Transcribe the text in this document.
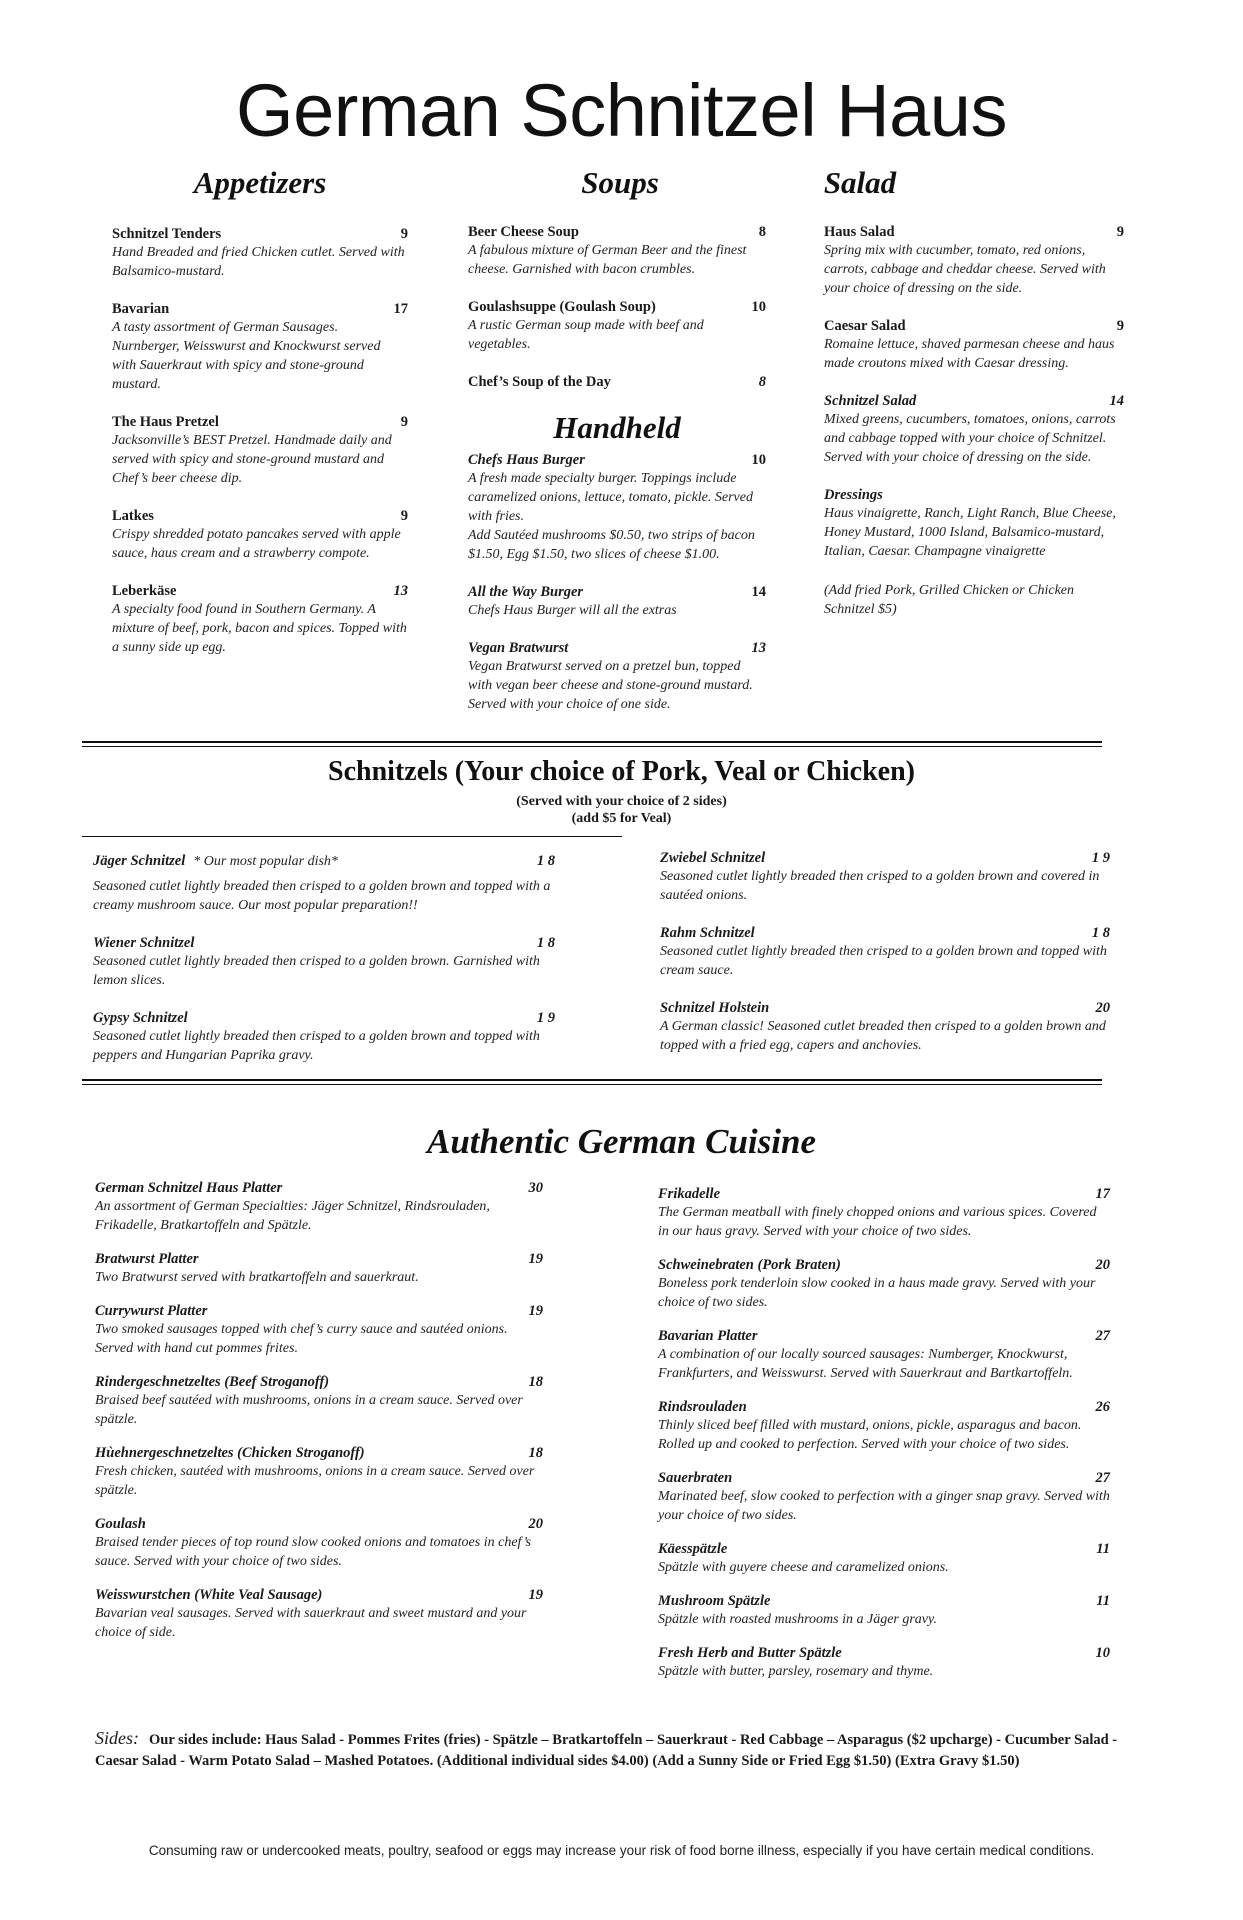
German Schnitzel Haus
Appetizers	Soups	Salad
Schnitzel Tenders	9
Hand Breaded and fried Chicken cutlet. Served with Balsamico-mustard.
Bavarian	17
A tasty assortment of German Sausages. Nurnberger, Weisswurst and Knockwurst served with Sauerkraut with spicy and stone-ground mustard.
The Haus Pretzel	9
Jacksonville’s BEST Pretzel. Handmade daily and served with spicy and stone-ground mustard and Chef’s beer cheese dip.
Latkes	9
Crispy shredded potato pancakes served with apple sauce, haus cream and a strawberry compote.
Leberkäse	13
A specialty food found in Southern Germany. A mixture of beef, pork, bacon and spices. Topped with a sunny side up egg.
Beer Cheese Soup	8
A fabulous mixture of German Beer and the finest cheese. Garnished with bacon crumbles.
Goulashsuppe (Goulash Soup)	10
A rustic German soup made with beef and vegetables.
Chef’s Soup of the Day	8
Handheld
Chefs Haus Burger	10
A fresh made specialty burger. Toppings include caramelized onions, lettuce, tomato, pickle. Served with fries.
Add Sautéed mushrooms $0.50, two strips of bacon $1.50, Egg $1.50, two slices of cheese $1.00.
All the Way Burger	14
Chefs Haus Burger will all the extras
Vegan Bratwurst	13
Vegan Bratwurst served on a pretzel bun, topped with vegan beer cheese and stone-ground mustard. Served with your choice of one side.
Haus Salad	9
Spring mix with cucumber, tomato, red onions, carrots, cabbage and cheddar cheese. Served with your choice of dressing on the side.
Caesar Salad	9
Romaine lettuce, shaved parmesan cheese and haus made croutons mixed with Caesar dressing.
Schnitzel Salad	14
Mixed greens, cucumbers, tomatoes, onions, carrots and cabbage topped with your choice of Schnitzel. Served with your choice of dressing on the side.
Dressings
Haus vinaigrette, Ranch, Light Ranch, Blue Cheese, Honey Mustard, 1000 Island, Balsamico-mustard, Italian, Caesar. Champagne vinaigrette
(Add fried Pork, Grilled Chicken or Chicken Schnitzel $5)
Schnitzels (Your choice of Pork, Veal or Chicken)
(Served with your choice of 2 sides)
(add $5 for Veal)
Jäger Schnitzel * Our most popular dish*	1 8
Seasoned cutlet lightly breaded then crisped to a golden brown and topped with a creamy mushroom sauce. Our most popular preparation!!
Wiener Schnitzel	1 8
Seasoned cutlet lightly breaded then crisped to a golden brown. Garnished with lemon slices.
Gypsy Schnitzel	1 9
Seasoned cutlet lightly breaded then crisped to a golden brown and topped with peppers and Hungarian Paprika gravy.
Zwiebel Schnitzel	1 9
Seasoned cutlet lightly breaded then crisped to a golden brown and covered in sautéed onions.
Rahm Schnitzel	1 8
Seasoned cutlet lightly breaded then crisped to a golden brown and topped with cream sauce.
Schnitzel Holstein	20
A German classic! Seasoned cutlet breaded then crisped to a golden brown and topped with a fried egg, capers and anchovies.
Authentic German Cuisine
German Schnitzel Haus Platter	30
An assortment of German Specialties: Jäger Schnitzel, Rindsrouladen, Frikadelle, Bratkartoffeln and Spätzle.
Bratwurst Platter	19
Two Bratwurst served with bratkartoffeln and sauerkraut.
Currywurst Platter	19
Two smoked sausages topped with chef’s curry sauce and sautéed onions. Served with hand cut pommes frites.
Rindergeschnetzeltes (Beef Stroganoff)	18
Braised beef sautéed with mushrooms, onions in a cream sauce. Served over spätzle.
Hùehnergeschnetzeltes (Chicken Stroganoff)	18
Fresh chicken, sautéed with mushrooms, onions in a cream sauce. Served over spätzle.
Goulash	20
Braised tender pieces of top round slow cooked onions and tomatoes in chef’s sauce. Served with your choice of two sides.
Weisswurstchen (White Veal Sausage)	19
Bavarian veal sausages. Served with sauerkraut and sweet mustard and your choice of side.
Frikadelle	17
The German meatball with finely chopped onions and various spices. Covered in our haus gravy. Served with your choice of two sides.
Schweinebraten (Pork Braten)	20
Boneless pork tenderloin slow cooked in a haus made gravy. Served with your choice of two sides.
Bavarian Platter	27
A combination of our locally sourced sausages: Numberger, Knockwurst, Frankfurters, and Weisswurst. Served with Sauerkraut and Bartkartoffeln.
Rindsrouladen	26
Thinly sliced beef filled with mustard, onions, pickle, asparagus and bacon. Rolled up and cooked to perfection. Served with your choice of two sides.
Sauerbraten	27
Marinated beef, slow cooked to perfection with a ginger snap gravy. Served with your choice of two sides.
Käesspätzle	11
Spätzle with guyere cheese and caramelized onions.
Mushroom Spätzle	11
Spätzle with roasted mushrooms in a Jäger gravy.
Fresh Herb and Butter Spätzle	10
Spätzle with butter, parsley, rosemary and thyme.
Sides: Our sides include: Haus Salad - Pommes Frites (fries) - Spätzle – Bratkartoffeln – Sauerkraut - Red Cabbage – Asparagus ($2 upcharge) - Cucumber Salad - Caesar Salad - Warm Potato Salad – Mashed Potatoes. (Additional individual sides $4.00) (Add a Sunny Side or Fried Egg $1.50) (Extra Gravy $1.50)
Consuming raw or undercooked meats, poultry, seafood or eggs may increase your risk of food borne illness, especially if you have certain medical conditions.
